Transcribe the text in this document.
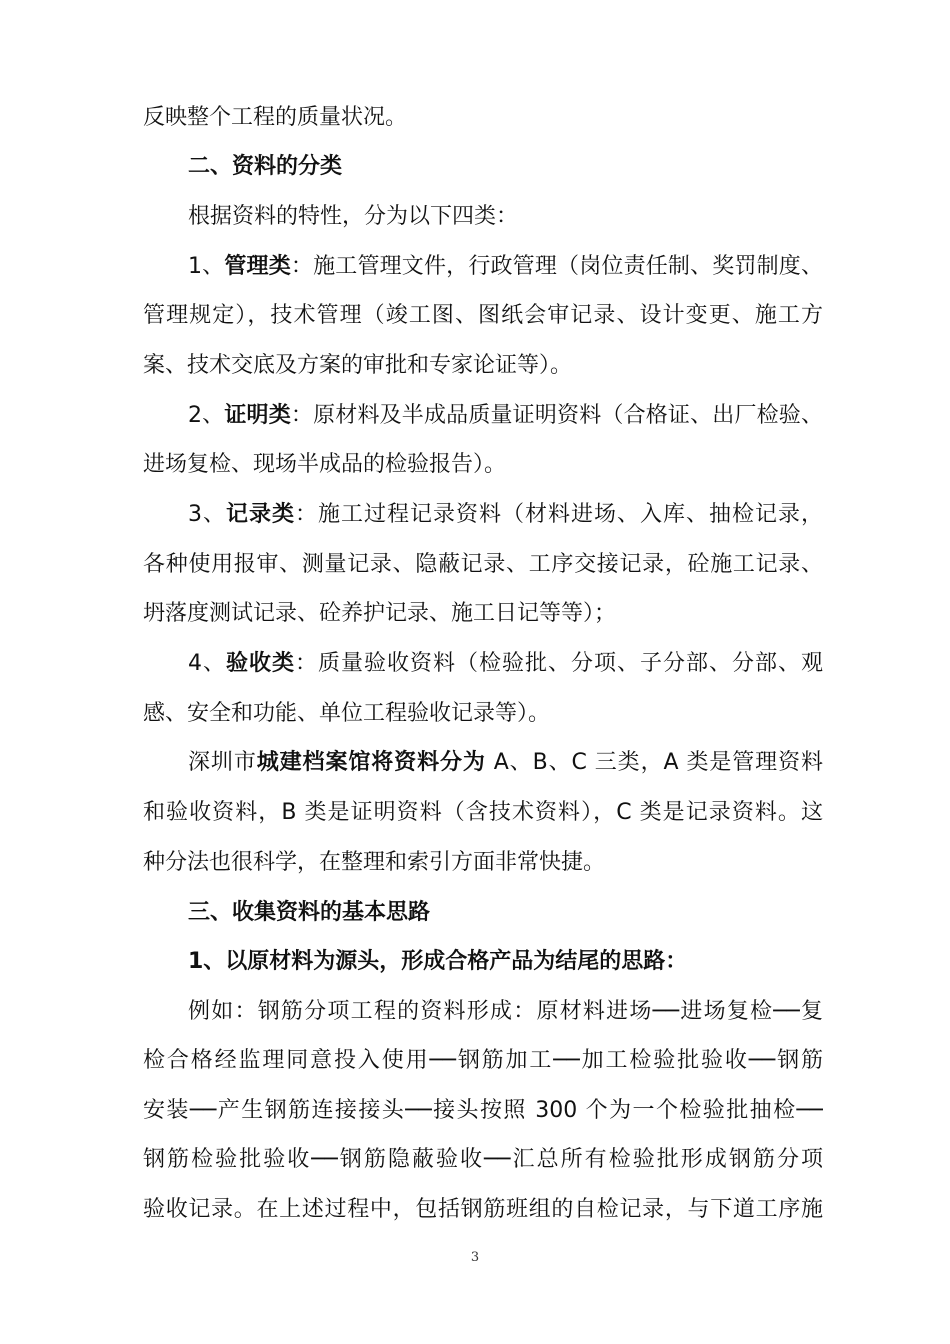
反映整个工程的质量状况。

二、资料的分类

根据资料的特性，分为以下四类：

1、管理类：施工管理文件，行政管理（岗位责任制、奖罚制度、

管理规定），技术管理（竣工图、图纸会审记录、设计变更、施工方

案、技术交底及方案的审批和专家论证等）。

2、证明类：原材料及半成品质量证明资料（合格证、出厂检验、

进场复检、现场半成品的检验报告）。

3、记录类：施工过程记录资料（材料进场、入库、抽检记录，

各种使用报审、测量记录、隐蔽记录、工序交接记录，砼施工记录、

坍落度测试记录、砼养护记录、施工日记等等）；

4、验收类：质量验收资料（检验批、分项、子分部、分部、观

感、安全和功能、单位工程验收记录等）。

深圳市城建档案馆将资料分为 A、B、C 三类，A 类是管理资料

和验收资料，B 类是证明资料（含技术资料），C 类是记录资料。这

种分法也很科学，在整理和索引方面非常快捷。

三、收集资料的基本思路

1、以原材料为源头，形成合格产品为结尾的思路：

例如：钢筋分项工程的资料形成：原材料进场──进场复检──复

检合格经监理同意投入使用──钢筋加工──加工检验批验收──钢筋

安装──产生钢筋连接接头──接头按照 300 个为一个检验批抽检──

钢筋检验批验收──钢筋隐蔽验收──汇总所有检验批形成钢筋分项

验收记录。在上述过程中，包括钢筋班组的自检记录，与下道工序施

3
